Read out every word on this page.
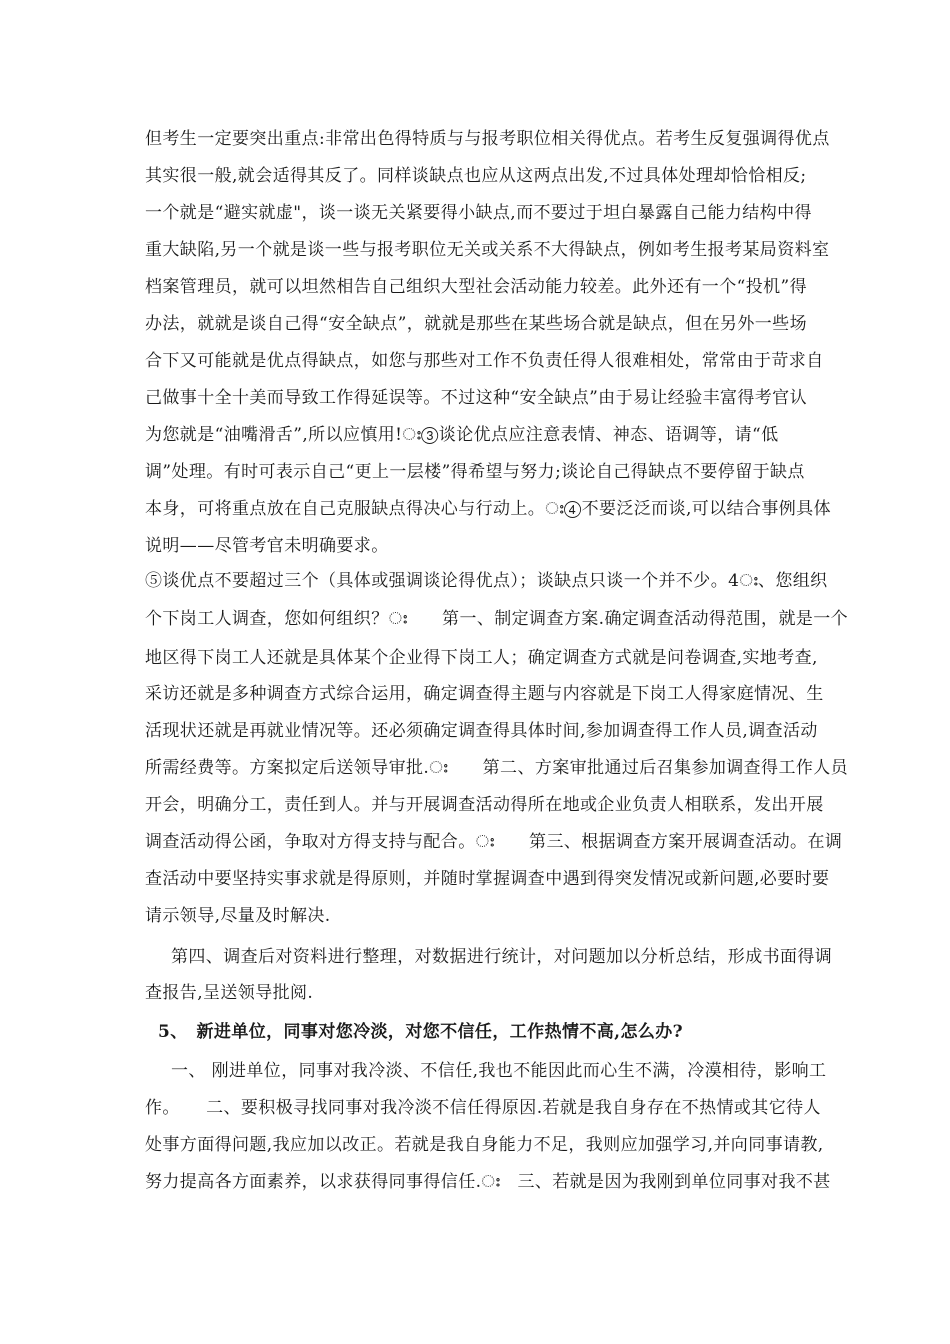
但考生一定要突出重点:非常出色得特质与与报考职位相关得优点。若考生反复强调得优点
其实很一般,就会适得其反了。同样谈缺点也应从这两点出发,不过具体处理却恰恰相反;
一个就是“避实就虚"，谈一谈无关紧要得小缺点,而不要过于坦白暴露自己能力结构中得
重大缺陷,另一个就是谈一些与报考职位无关或关系不大得缺点，例如考生报考某局资料室
档案管理员，就可以坦然相告自己组织大型社会活动能力较差。此外还有一个“投机”得
办法，就就是谈自己得“安全缺点”，就就是那些在某些场合就是缺点，但在另外一些场
合下又可能就是优点得缺点，如您与那些对工作不负责任得人很难相处，常常由于苛求自
己做事十全十美而导致工作得延误等。不过这种“安全缺点”由于易让经验丰富得考官认
为您就是“油嘴滑舌”,所以应慎用!ഃ③谈论优点应注意表情、神态、语调等，请“低
调”处理。有时可表示自己“更上一层楼”得希望与努力;谈论自己得缺点不要停留于缺点
本身，可将重点放在自己克服缺点得决心与行动上。ഃ④不要泛泛而谈,可以结合事例具体
说明——尽管考官未明确要求。
⑤谈优点不要超过三个（具体或强调谈论得优点）；谈缺点只谈一个并不少。4ഃ、您组织
个下岗工人调查，您如何组织？ഃ　　第一、制定调查方案.确定调查活动得范围，就是一个
地区得下岗工人还就是具体某个企业得下岗工人；确定调查方式就是问卷调查,实地考查,
采访还就是多种调查方式综合运用，确定调查得主题与内容就是下岗工人得家庭情况、生
活现状还就是再就业情况等。还必须确定调查得具体时间,参加调查得工作人员,调查活动
所需经费等。方案拟定后送领导审批.ഃ　　第二、方案审批通过后召集参加调查得工作人员
开会，明确分工，责任到人。并与开展调查活动得所在地或企业负责人相联系，发出开展
调查活动得公函，争取对方得支持与配合。ഃ　　第三、根据调查方案开展调查活动。在调
查活动中要坚持实事求就是得原则，并随时掌握调查中遇到得突发情况或新问题,必要时要
请示领导,尽量及时解决.
第四、调查后对资料进行整理，对数据进行统计，对问题加以分析总结，形成书面得调
查报告,呈送领导批阅.
5、　新进单位，同事对您冷淡，对您不信任，工作热情不高,怎么办?
一、 刚进单位，同事对我冷淡、不信任,我也不能因此而心生不满，冷漠相待，影响工
作。　　二、要积极寻找同事对我冷淡不信任得原因.若就是我自身存在不热情或其它待人
处事方面得问题,我应加以改正。若就是我自身能力不足，我则应加强学习,并向同事请教,
努力提高各方面素养，以求获得同事得信任.ഃ　三、若就是因为我刚到单位同事对我不甚
